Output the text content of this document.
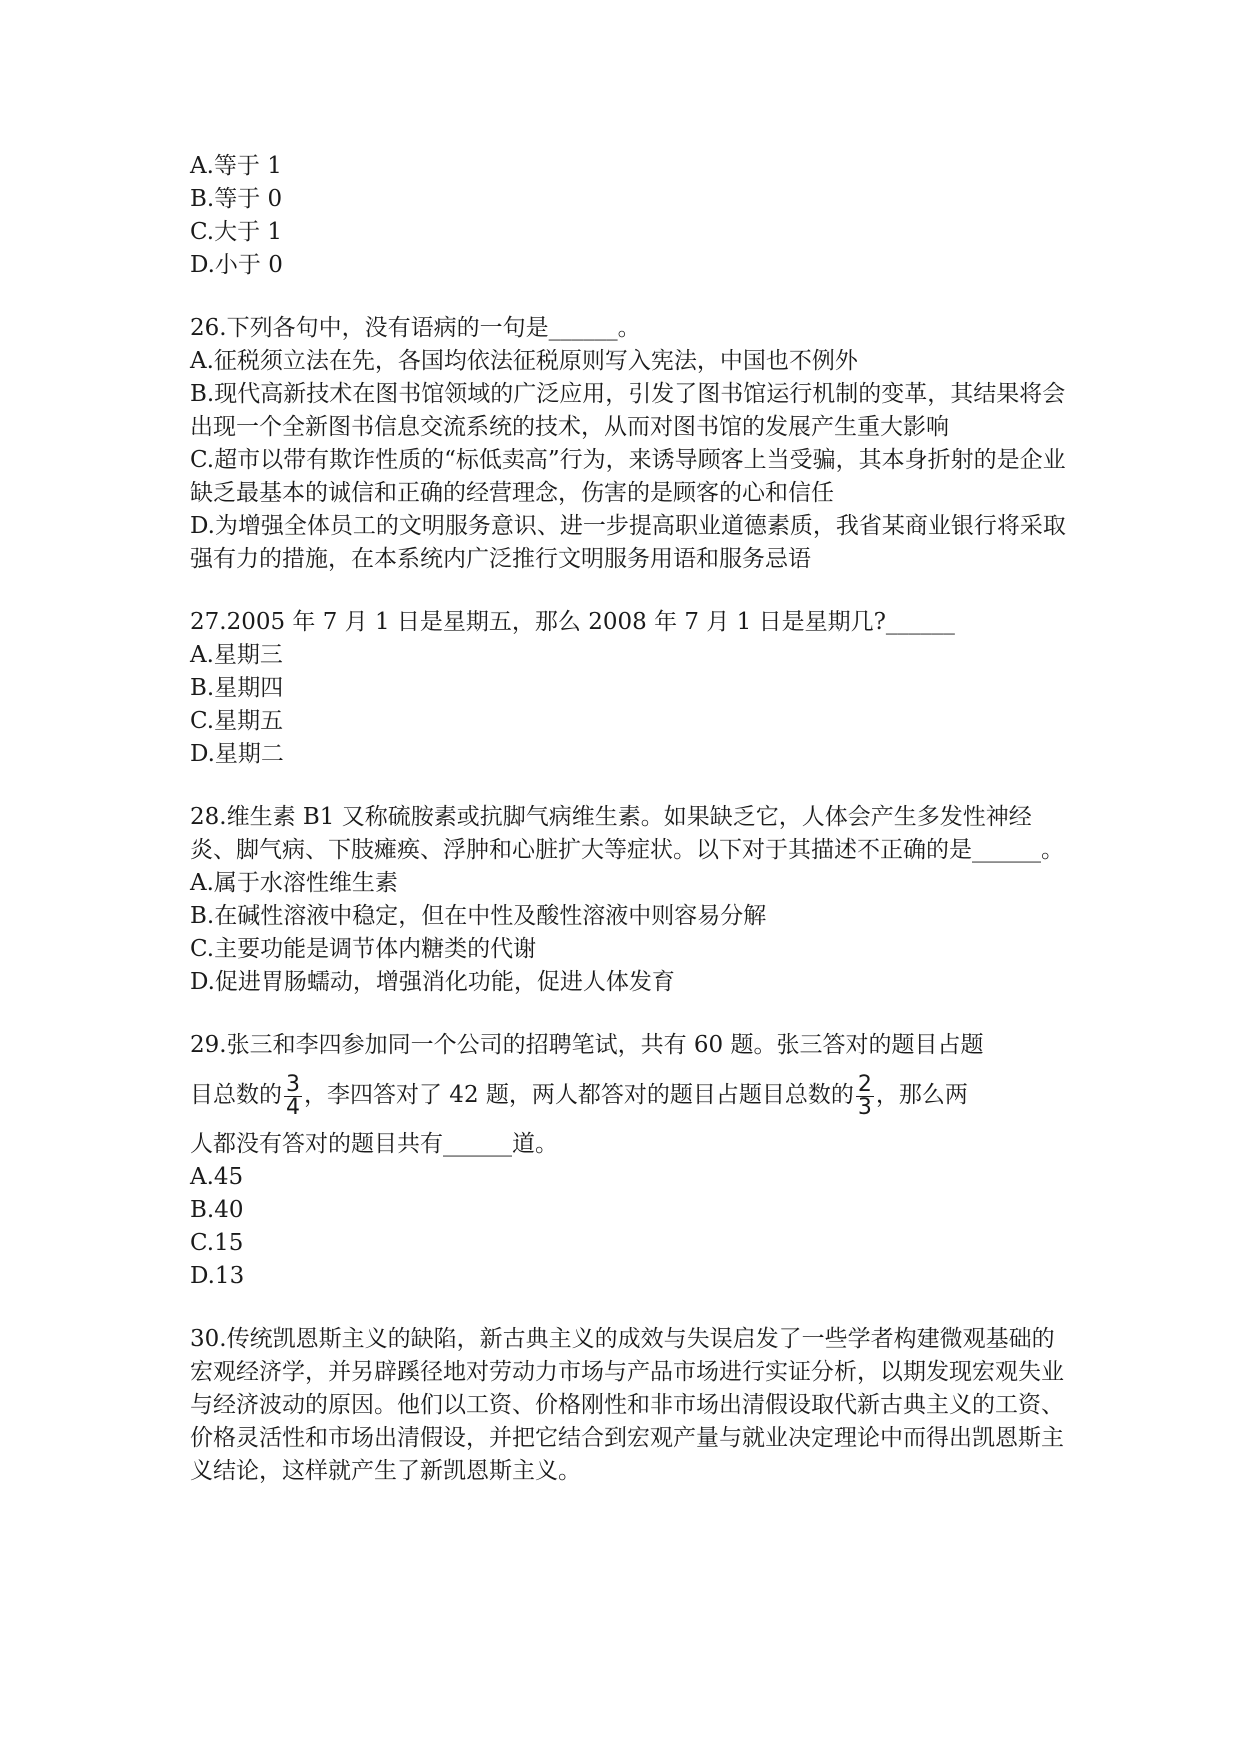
A.等于 1
B.等于 0
C.大于 1
D.小于 0
26.下列各句中，没有语病的一句是______。
A.征税须立法在先，各国均依法征税原则写入宪法，中国也不例外
B.现代高新技术在图书馆领域的广泛应用，引发了图书馆运行机制的变革，其结果将会出现一个全新图书信息交流系统的技术，从而对图书馆的发展产生重大影响
C.超市以带有欺诈性质的“标低卖高”行为，来诱导顾客上当受骗，其本身折射的是企业缺乏最基本的诚信和正确的经营理念，伤害的是顾客的心和信任
D.为增强全体员工的文明服务意识、进一步提高职业道德素质，我省某商业银行将采取强有力的措施，在本系统内广泛推行文明服务用语和服务忌语
27.2005 年 7 月 1 日是星期五，那么 2008 年 7 月 1 日是星期几?______
A.星期三
B.星期四
C.星期五
D.星期二
28.维生素 B1 又称硫胺素或抗脚气病维生素。如果缺乏它，人体会产生多发性神经炎、脚气病、下肢瘫痪、浮肿和心脏扩大等症状。以下对于其描述不正确的是______。
A.属于水溶性维生素
B.在碱性溶液中稳定，但在中性及酸性溶液中则容易分解
C.主要功能是调节体内糖类的代谢
D.促进胃肠蠕动，增强消化功能，促进人体发育
29.张三和李四参加同一个公司的招聘笔试，共有 60 题。张三答对的题目占题
目总数的 $\frac{3}{4}$ ，李四答对了 42 题，两人都答对的题目占题目总数的 $\frac{2}{3}$ ，那么两
人都没有答对的题目共有______道。
A.45
B.40
C.15
D.13
30.传统凯恩斯主义的缺陷，新古典主义的成效与失误启发了一些学者构建微观基础的宏观经济学，并另辟蹊径地对劳动力市场与产品市场进行实证分析，以期发现宏观失业与经济波动的原因。他们以工资、价格刚性和非市场出清假设取代新古典主义的工资、价格灵活性和市场出清假设，并把它结合到宏观产量与就业决定理论中而得出凯恩斯主义结论，这样就产生了新凯恩斯主义。
